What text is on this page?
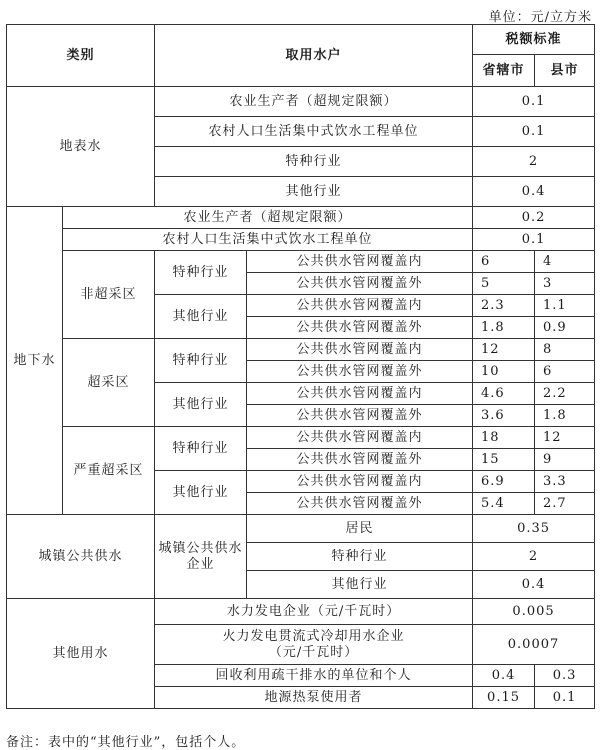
单位：元/立方米
类别		取用水户		税额标准	
				省辖市	县市
地表水		农业生产者（超规定限额）		0.1	
		农村人口生活集中式饮水工程单位		0.1	
		特种行业		2	
		其他行业		0.4	
地下水	农业生产者（超规定限额）			0.2	
	农村人口生活集中式饮水工程单位			0.1	
	非超采区	特种行业	公共供水管网覆盖内	6	4
			公共供水管网覆盖外	5	3
		其他行业	公共供水管网覆盖内	2.3	1.1
			公共供水管网覆盖外	1.8	0.9
	超采区	特种行业	公共供水管网覆盖内	12	8
			公共供水管网覆盖外	10	6
		其他行业	公共供水管网覆盖内	4.6	2.2
			公共供水管网覆盖外	3.6	1.8
	严重超采区	特种行业	公共供水管网覆盖内	18	12
			公共供水管网覆盖外	15	9
		其他行业	公共供水管网覆盖内	6.9	3.3
			公共供水管网覆盖外	5.4	2.7
城镇公共供水		城镇公共供水企业	居民	0.35	
			特种行业	2	
			其他行业	0.4	
其他用水		水力发电企业（元/千瓦时）		0.005	

		火力发电贯流式冷却用水企业
（元/千瓦时）		0.0007	
		回收利用疏干排水的单位和个人		0.4	0.3
		地源热泵使用者		0.15	0.1
备注：表中的“其他行业”，包括个人。
